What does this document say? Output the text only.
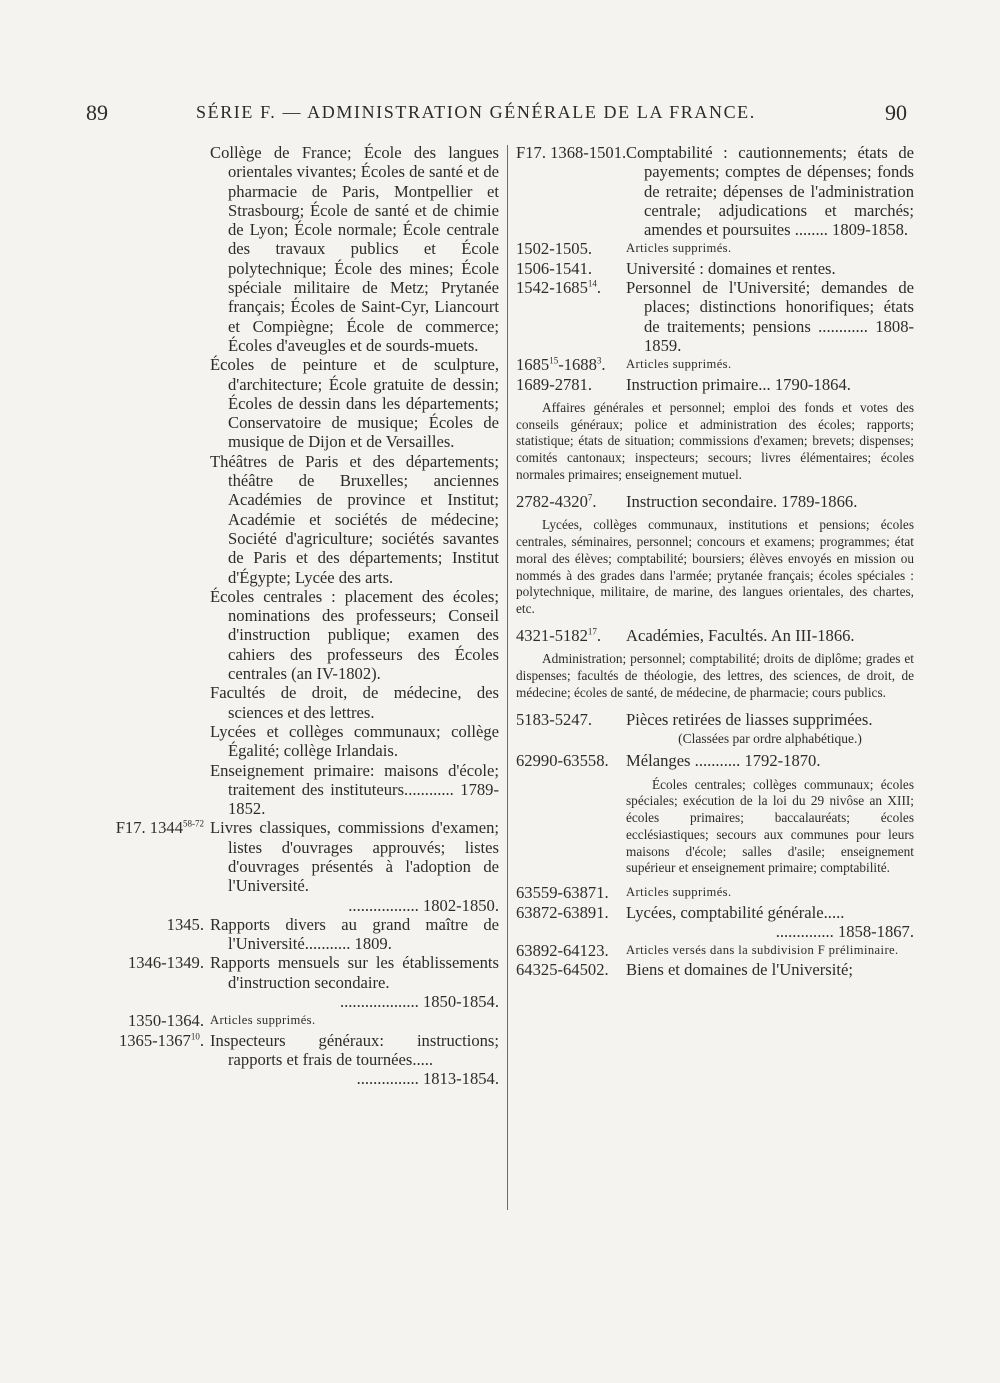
89	SÉRIE F. — ADMINISTRATION GÉNÉRALE DE LA FRANCE.	90
Collège de France; École des langues orientales vivantes; Écoles de santé et de pharmacie de Paris, Montpellier et Strasbourg; École de santé et de chimie de Lyon; École normale; École centrale des travaux publics et École polytechnique; École des mines; École spéciale militaire de Metz; Prytanée français; Écoles de Saint-Cyr, Liancourt et Compiègne; École de commerce; Écoles d'aveugles et de sourds-muets.
Écoles de peinture et de sculpture, d'architecture; École gratuite de dessin; Écoles de dessin dans les départements; Conservatoire de musique; Écoles de musique de Dijon et de Versailles.
Théâtres de Paris et des départements; théâtre de Bruxelles; anciennes Académies de province et Institut; Académie et sociétés de médecine; Société d'agriculture; sociétés savantes de Paris et des départements; Institut d'Égypte; Lycée des arts.
Écoles centrales : placement des écoles; nominations des professeurs; Conseil d'instruction publique; examen des cahiers des professeurs des Écoles centrales (an IV-1802).
Facultés de droit, de médecine, des sciences et des lettres.
Lycées et collèges communaux; collège Égalité; collège Irlandais.
Enseignement primaire: maisons d'école; traitement des instituteurs............ 1789-1852.
F17. 1344$^{58-72}$ Livres classiques, commissions d'examen; listes d'ouvrages approuvés; listes d'ouvrages présentés à l'adoption de l'Université.
................. 1802-1850.
1345. Rapports divers au grand maître de l'Université........... 1809.
1346-1349. Rapports mensuels sur les établissements d'instruction secondaire.
................... 1850-1854.
1350-1364. Articles supprimés.
1365-1367$^{10}$. Inspecteurs généraux: instructions; rapports et frais de tournées.....
............... 1813-1854.
F17. 1368-1501. Comptabilité : cautionnements; états de payements; comptes de dépenses; fonds de retraite; dépenses de l'administration centrale; adjudications et marchés; amendes et poursuites ........ 1809-1858.
1502-1505.	Articles supprimés.
1506-1541.	Université : domaines et rentes.
1542-1685$^{14}$.	Personnel de l'Université; demandes de places; distinctions honorifiques; états de traitements; pensions ............ 1808-1859.
1685$^{15}$-1688$^3$.	Articles supprimés.
1689-2781.	Instruction primaire... 1790-1864.
Affaires générales et personnel; emploi des fonds et votes des conseils généraux; police et administration des écoles; rapports; statistique; états de situation; commissions d'examen; brevets; dispenses; comités cantonaux; inspecteurs; secours; livres élémentaires; écoles normales primaires; enseignement mutuel.
2782-4320$^7$.	Instruction secondaire. 1789-1866.
Lycées, collèges communaux, institutions et pensions; écoles centrales, séminaires, personnel; concours et examens; programmes; état moral des élèves; comptabilité; boursiers; élèves envoyés en mission ou nommés à des grades dans l'armée; prytanée français; écoles spéciales : polytechnique, militaire, de marine, des langues orientales, des chartes, etc.
4321-5182$^{17}$.	Académies, Facultés. An III-1866.
Administration; personnel; comptabilité; droits de diplôme; grades et dispenses; facultés de théologie, des lettres, des sciences, de droit, de médecine; écoles de santé, de médecine, de pharmacie; cours publics.
5183-5247.	Pièces retirées de liasses supprimées.
(Classées par ordre alphabétique.)
62990-63558.	Mélanges ........... 1792-1870.
Écoles centrales; collèges communaux; écoles spéciales; exécution de la loi du 29 nivôse an XIII; écoles primaires; baccalauréats; écoles ecclésiastiques; secours aux communes pour leurs maisons d'école; salles d'asile; enseignement supérieur et enseignement primaire; comptabilité.
63559-63871.	Articles supprimés.
63872-63891.	Lycées, comptabilité générale.....
.............. 1858-1867.
63892-64123.	Articles versés dans la subdivision F préliminaire.
64325-64502.	Biens et domaines de l'Université;
